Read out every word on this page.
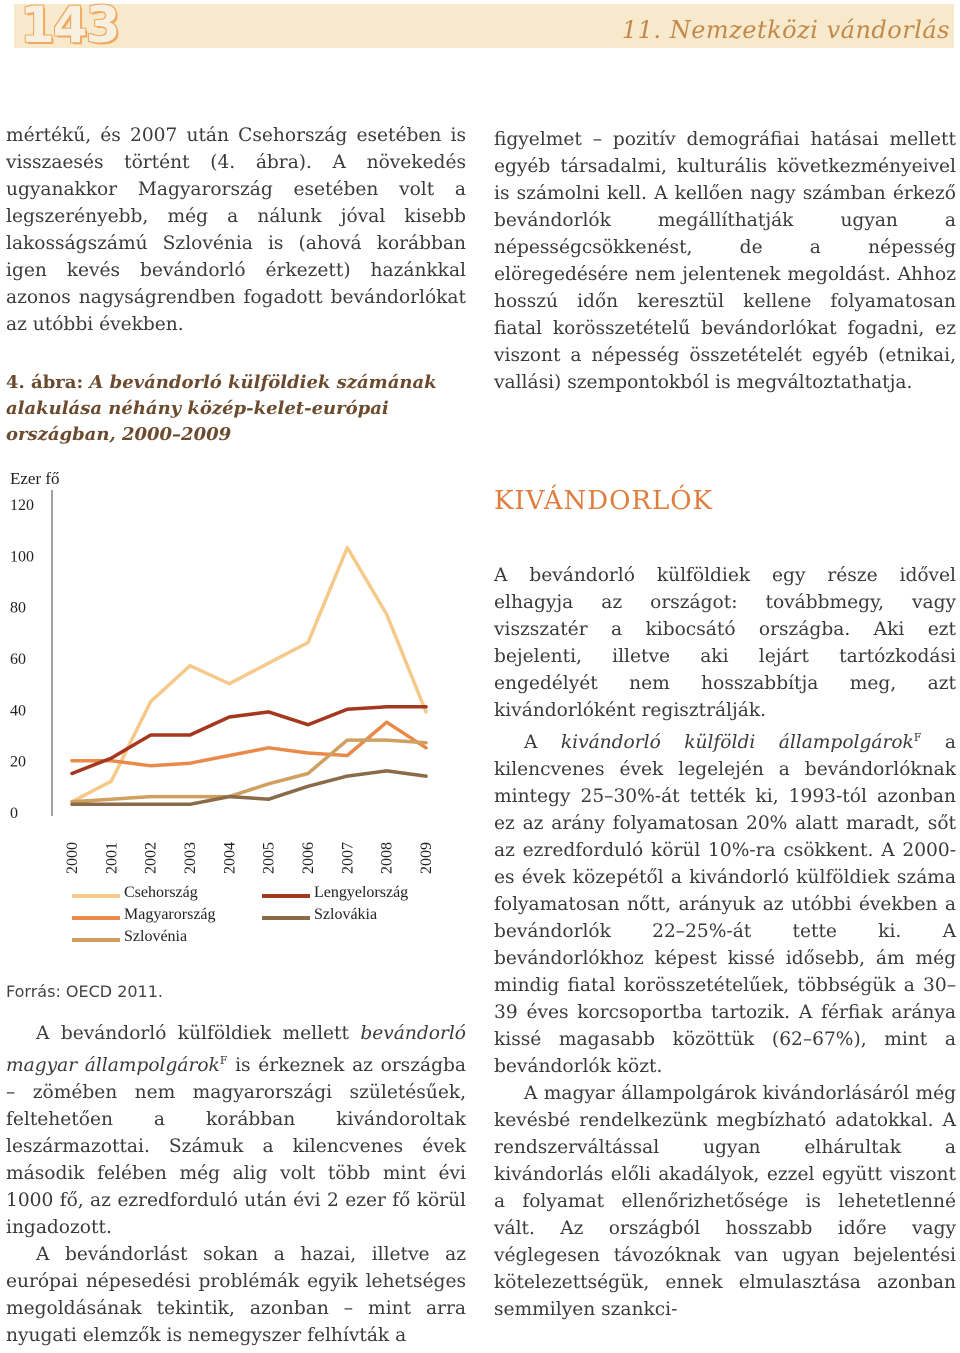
143	11. Nemzetközi vándorlás

mértékű, és 2007 után Csehország esetében is visszaesés történt (4. ábra). A növekedés ugyanakkor Magyarország esetében volt a legszerényebb, még a nálunk jóval kisebb lakosságszámú Szlovénia is (ahová korábban igen kevés bevándorló érkezett) hazánkkal azonos nagyságrendben fogadott bevándorlókat az utóbbi években.

4. ábra: A bevándorló külföldiek számának alakulása néhány közép-kelet-európai országban, 2000–2009
Ezer fő
120
100
80
60
40
20
0
2000 2001 2002 2003 2004 2005 2006 2007 2008 2009
Csehország
Magyarország
Szlovénia
Lengyelország
Szlovákia
Forrás: OECD 2011.

A bevándorló külföldiek mellett bevándorló magyar állampolgárok$^F$ is érkeznek az országba – zömében nem magyarországi születésűek, feltehetően a korábban kivándoroltak leszármazottai. Számuk a kilencvenes évek második felében még alig volt több mint évi 1000 fő, az ezredforduló után évi 2 ezer fő körül ingadozott.

A bevándorlást sokan a hazai, illetve az európai népesedési problémák egyik lehetséges megoldásának tekintik, azonban – mint arra nyugati elemzők is nemegyszer felhívták a

figyelmet – pozitív demográfiai hatásai mellett egyéb társadalmi, kulturális következményeivel is számolni kell. A kellően nagy számban érkező bevándorlók megállíthatják ugyan a népességcsökkenést, de a népesség elöregedésére nem jelentenek megoldást. Ahhoz hosszú időn keresztül kellene folyamatosan fiatal korösszetételű bevándorlókat fogadni, ez viszont a népesség összetételét egyéb (etnikai, vallási) szempontokból is megváltoztathatja.

KIVÁNDORLÓK

A bevándorló külföldiek egy része idővel elhagyja az országot: továbbmegy, vagy viszszatér a kibocsátó országba. Aki ezt bejelenti, illetve aki lejárt tartózkodási engedélyét nem hosszabbítja meg, azt kivándorlóként regisztrálják.

A kivándorló külföldi állampolgárok$^F$ a kilencvenes évek legelején a bevándorlóknak mintegy 25–30%-át tették ki, 1993-tól azonban ez az arány folyamatosan 20% alatt maradt, sőt az ezredforduló körül 10%-ra csökkent. A 2000-es évek közepétől a kivándorló külföldiek száma folyamatosan nőtt, arányuk az utóbbi években a bevándorlók 22–25%-át tette ki. A bevándorlókhoz képest kissé idősebb, ám még mindig fiatal korösszetételűek, többségük a 30–39 éves korcsoportba tartozik. A férfiak aránya kissé magasabb közöttük (62–67%), mint a bevándorlók közt.

A magyar állampolgárok kivándorlásáról még kevésbé rendelkezünk megbízható adatokkal. A rendszerváltással ugyan elhárultak a kivándorlás előli akadályok, ezzel együtt viszont a folyamat ellenőrizhetősége is lehetetlenné vált. Az országból hosszabb időre vagy véglegesen távozóknak van ugyan bejelentési kötelezettségük, ennek elmulasztása azonban semmilyen szankci-
